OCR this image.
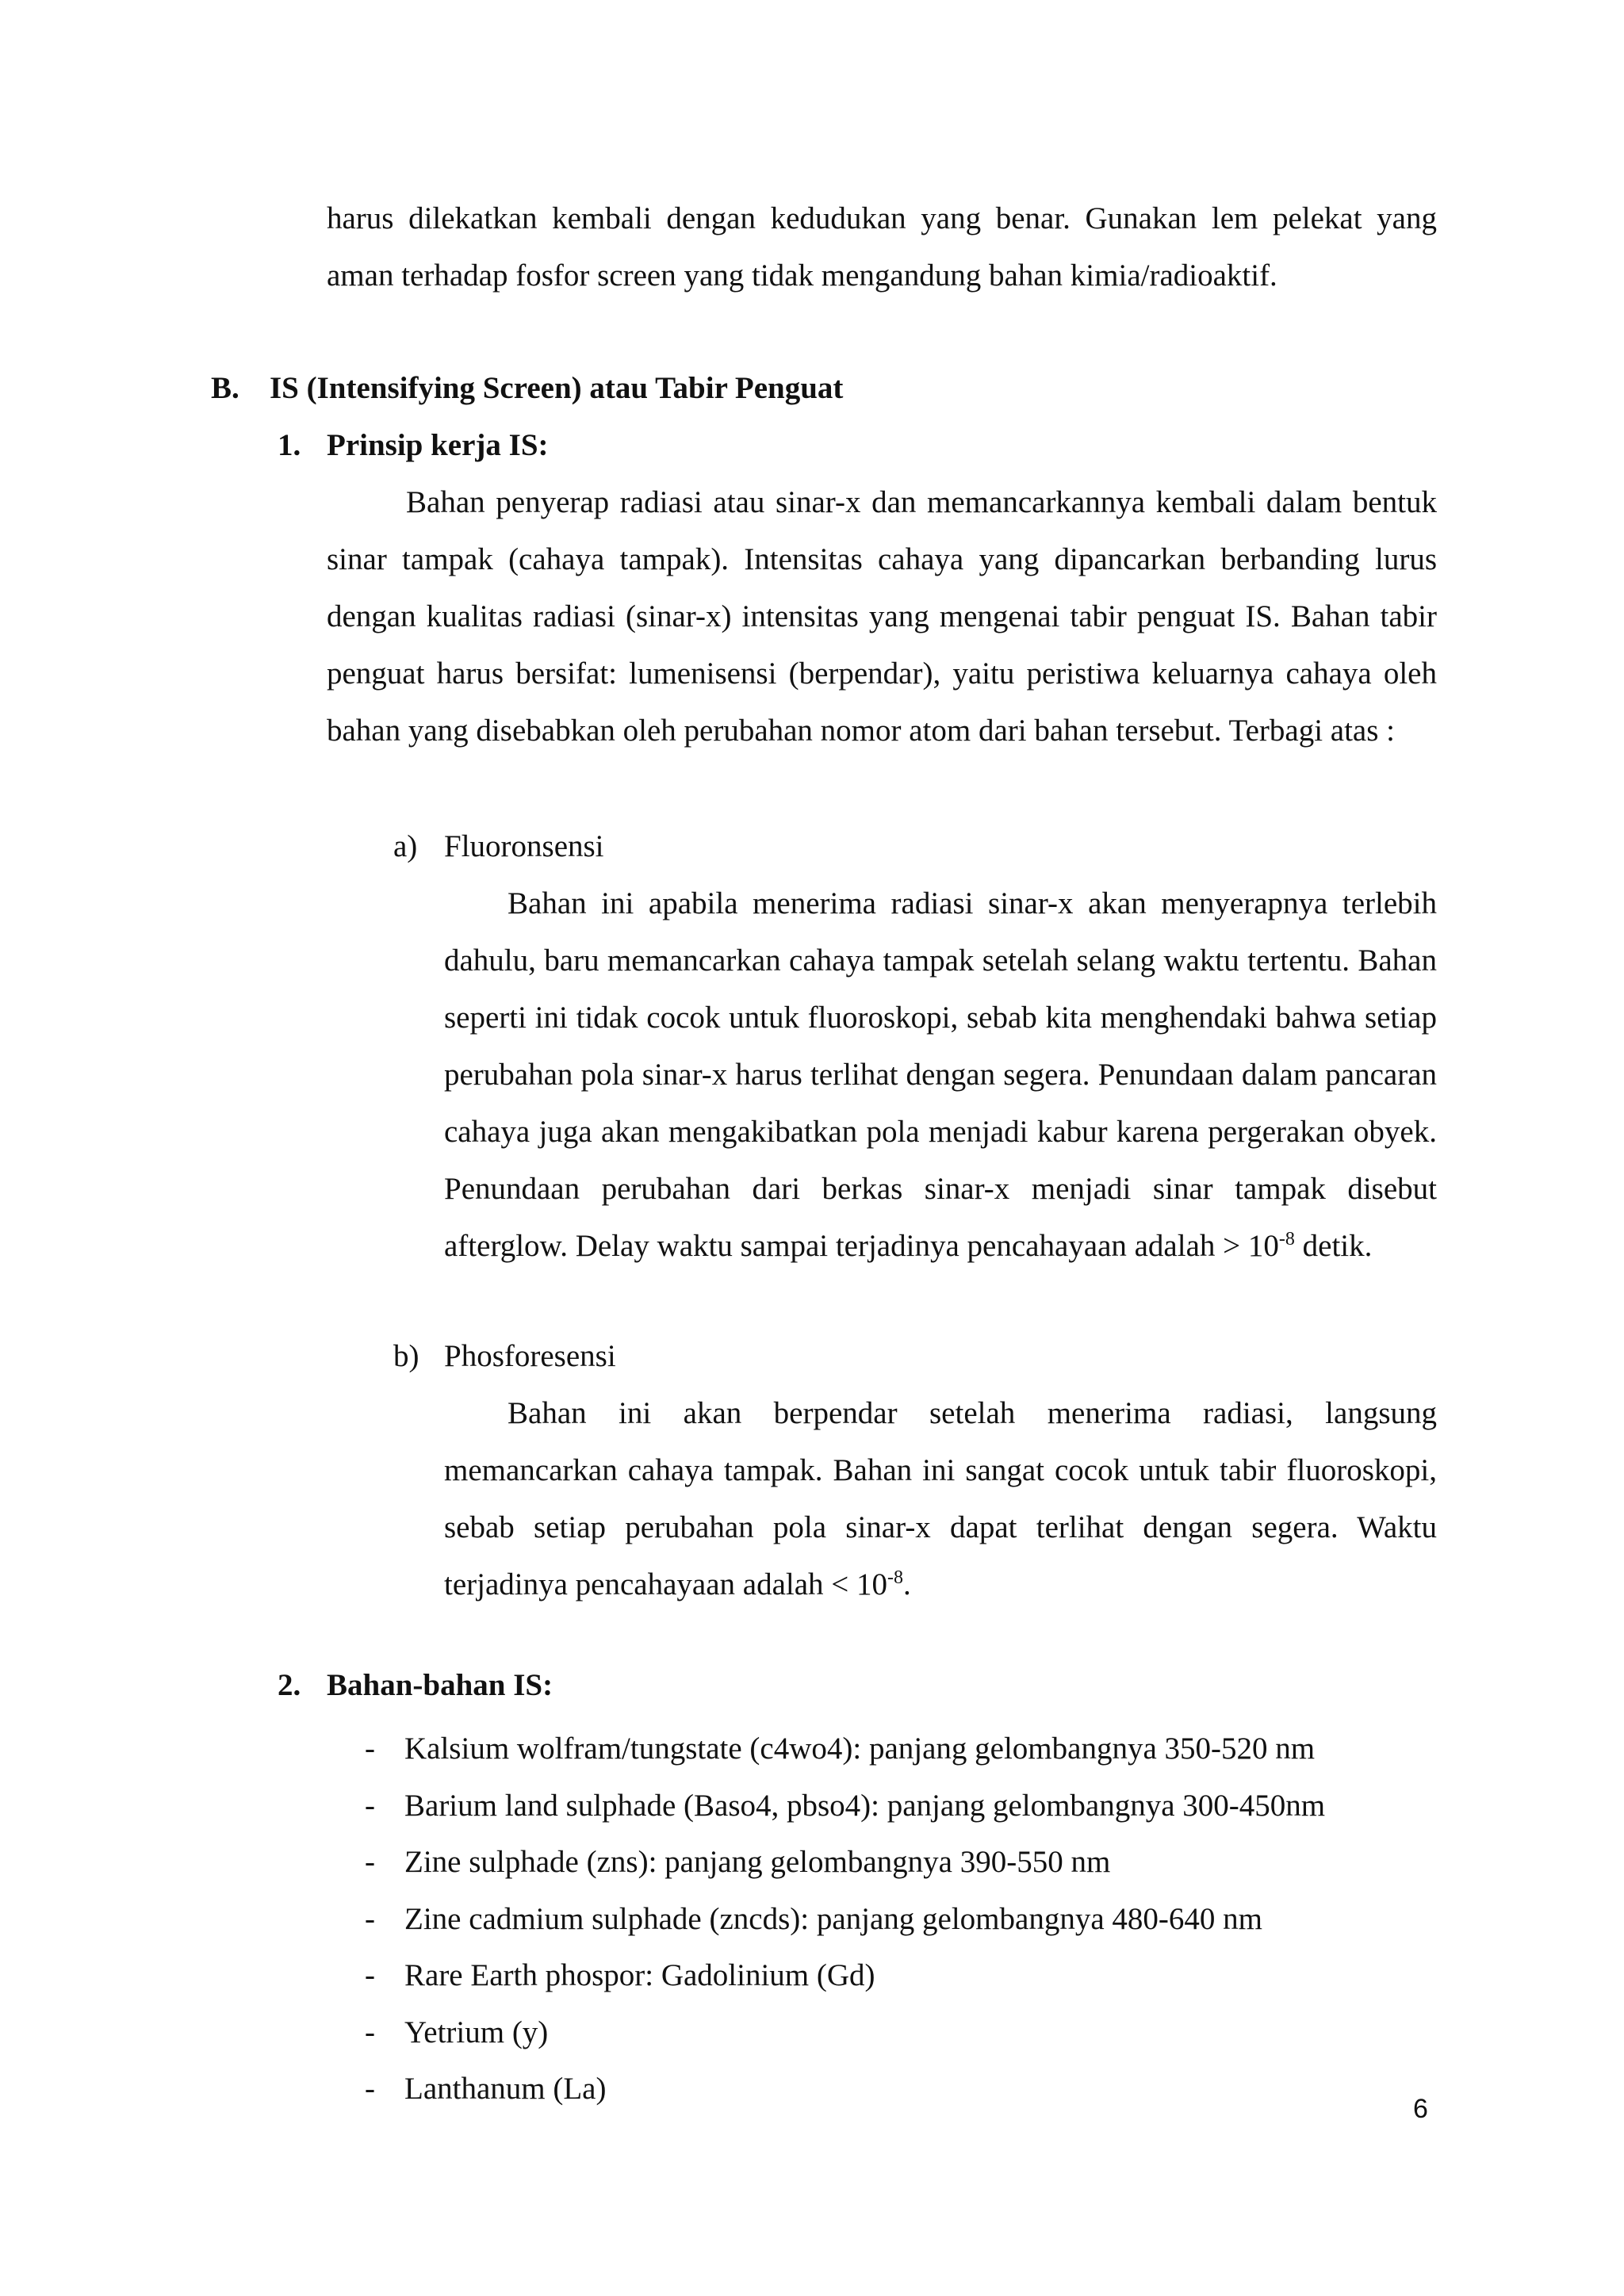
harus dilekatkan kembali dengan kedudukan yang benar. Gunakan lem pelekat yang aman terhadap fosfor screen yang tidak mengandung bahan kimia/radioaktif.

B. IS (Intensifying Screen) atau Tabir Penguat
1. Prinsip kerja IS:

Bahan penyerap radiasi atau sinar-x dan memancarkannya kembali dalam bentuk sinar tampak (cahaya tampak). Intensitas cahaya yang dipancarkan berbanding lurus dengan kualitas radiasi (sinar-x) intensitas yang mengenai tabir penguat IS. Bahan tabir penguat harus bersifat: lumenisensi (berpendar), yaitu peristiwa keluarnya cahaya oleh bahan yang disebabkan oleh perubahan nomor atom dari bahan tersebut. Terbagi atas :

a) Fluoronsensi

Bahan ini apabila menerima radiasi sinar-x akan menyerapnya terlebih dahulu, baru memancarkan cahaya tampak setelah selang waktu tertentu. Bahan seperti ini tidak cocok untuk fluoroskopi, sebab kita menghendaki bahwa setiap perubahan pola sinar-x harus terlihat dengan segera. Penundaan dalam pancaran cahaya juga akan mengakibatkan pola menjadi kabur karena pergerakan obyek. Penundaan perubahan dari berkas sinar-x menjadi sinar tampak disebut afterglow. Delay waktu sampai terjadinya pencahayaan adalah > $10^{-8}$ detik.

b) Phosforesensi

Bahan ini akan berpendar setelah menerima radiasi, langsung memancarkan cahaya tampak. Bahan ini sangat cocok untuk tabir fluoroskopi, sebab setiap perubahan pola sinar-x dapat terlihat dengan segera. Waktu terjadinya pencahayaan adalah < $10^{-8}$.

2. Bahan-bahan IS:
- Kalsium wolfram/tungstate (c4wo4): panjang gelombangnya 350-520 nm
- Barium land sulphade (Baso4, pbso4): panjang gelombangnya 300-450nm
- Zine sulphade (zns): panjang gelombangnya 390-550 nm
- Zine cadmium sulphade (zncds): panjang gelombangnya 480-640 nm
- Rare Earth phospor: Gadolinium (Gd)
- Yetrium (y)
- Lanthanum (La)
6
